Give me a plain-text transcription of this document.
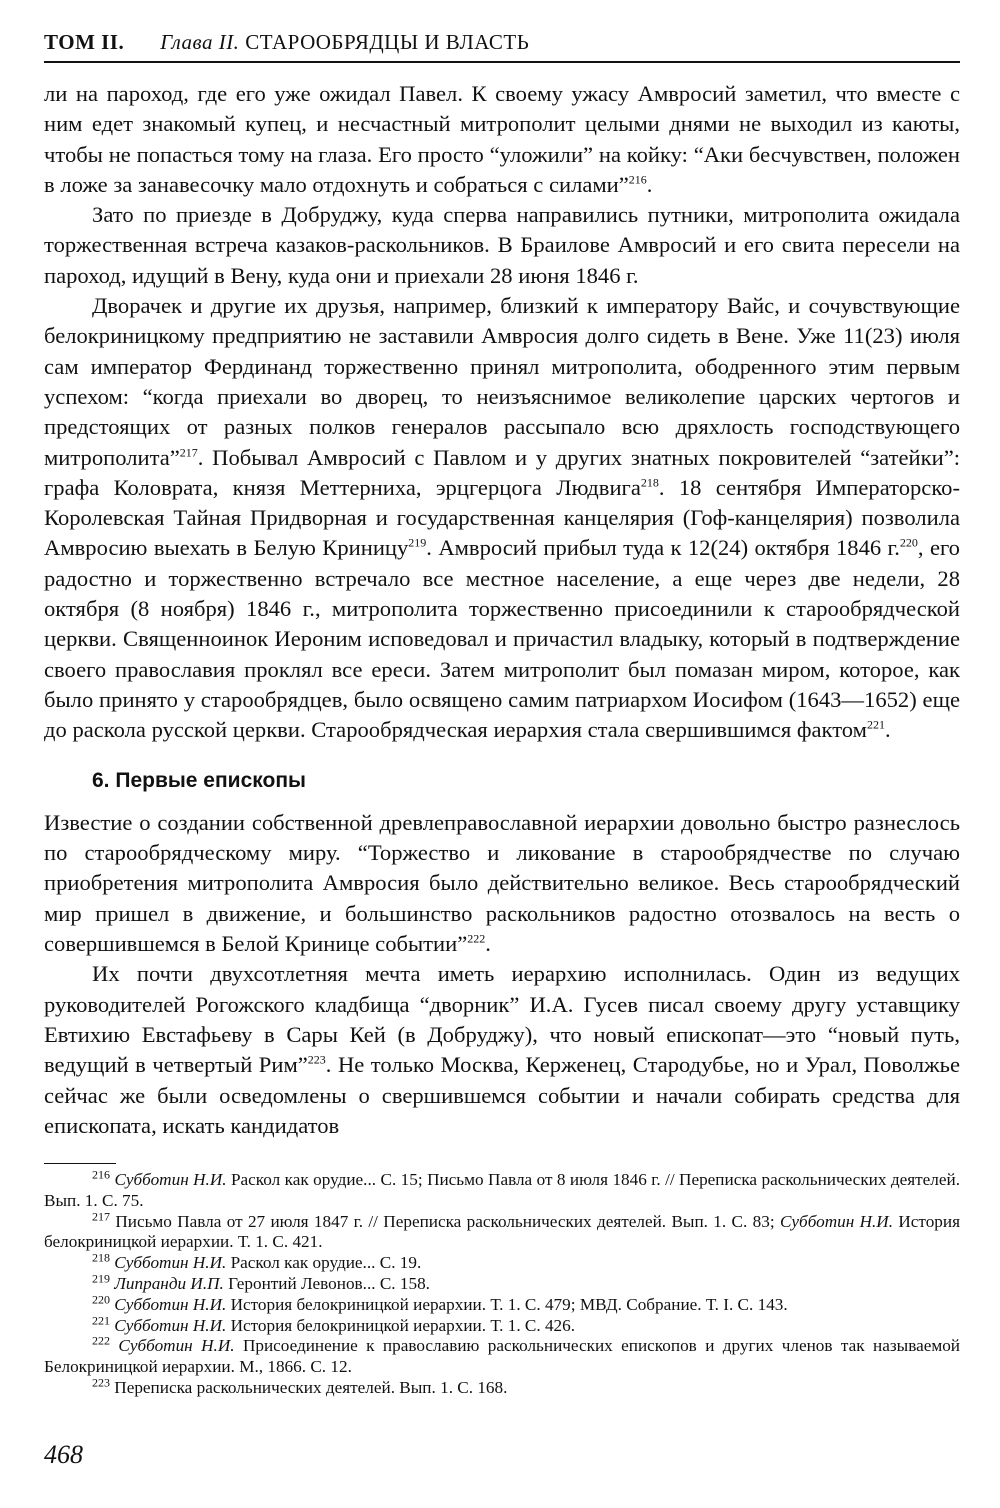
ТОМ II. Глава II. СТАРООБРЯДЦЫ И ВЛАСТЬ

ли на пароход, где его уже ожидал Павел. К своему ужасу Амвросий заметил, что вместе с ним едет знакомый купец, и несчастный митрополит целыми днями не выходил из каюты, чтобы не попасться тому на глаза. Его просто “уложили” на койку: “Аки бесчувствен, положен в ложе за занавесочку мало отдохнуть и собраться с силами”$^{216}$.

Зато по приезде в Добруджу, куда сперва направились путники, митрополита ожидала торжественная встреча казаков-раскольников. В Браилове Амвросий и его свита пересели на пароход, идущий в Вену, куда они и приехали 28 июня 1846 г.

Дворачек и другие их друзья, например, близкий к императору Вайс, и сочувствующие белокриницкому предприятию не заставили Амвросия долго сидеть в Вене. Уже 11(23) июля сам император Фердинанд торжественно принял митрополита, ободренного этим первым успехом: “когда приехали во дворец, то неизъяснимое великолепие царских чертогов и предстоящих от разных полков генералов рассыпало всю дряхлость господствующего митрополита”$^{217}$. Побывал Амвросий с Павлом и у других знатных покровителей “затейки”: графа Коловрата, князя Меттерниха, эрцгерцога Людвига$^{218}$. 18 сентября Императорско-Королевская Тайная Придворная и государственная канцелярия (Гоф-канцелярия) позволила Амвросию выехать в Белую Криницу$^{219}$. Амвросий прибыл туда к 12(24) октября 1846 г.$^{220}$, его радостно и торжественно встречало все местное население, а еще через две недели, 28 октября (8 ноября) 1846 г., митрополита торжественно присоединили к старообрядческой церкви. Священноинок Иероним исповедовал и причастил владыку, который в подтверждение своего православия проклял все ереси. Затем митрополит был помазан миром, которое, как было принято у старообрядцев, было освящено самим патриархом Иосифом (1643—1652) еще до раскола русской церкви. Старообрядческая иерархия стала свершившимся фактом$^{221}$.

6. Первые епископы

Известие о создании собственной древлеправославной иерархии довольно быстро разнеслось по старообрядческому миру. “Торжество и ликование в старообрядчестве по случаю приобретения митрополита Амвросия было действительно великое. Весь старообрядческий мир пришел в движение, и большинство раскольников радостно отозвалось на весть о совершившемся в Белой Кринице событии”$^{222}$.

Их почти двухсотлетняя мечта иметь иерархию исполнилась. Один из ведущих руководителей Рогожского кладбища “дворник” И.А. Гусев писал своему другу уставщику Евтихию Евстафьеву в Сары Кей (в Добруджу), что новый епископат—это “новый путь, ведущий в четвертый Рим”$^{223}$. Не только Москва, Керженец, Стародубье, но и Урал, Поволжье сейчас же были осведомлены о свершившемся событии и начали собирать средства для епископата, искать кандидатов

$^{216}$ Субботин Н.И. Раскол как орудие... С. 15; Письмо Павла от 8 июля 1846 г. // Переписка раскольнических деятелей. Вып. 1. С. 75.

$^{217}$ Письмо Павла от 27 июля 1847 г. // Переписка раскольнических деятелей. Вып. 1. С. 83; Субботин Н.И. История белокриницкой иерархии. Т. 1. С. 421.

$^{218}$ Субботин Н.И. Раскол как орудие... С. 19.

$^{219}$ Липранди И.П. Геронтий Левонов... С. 158.

$^{220}$ Субботин Н.И. История белокриницкой иерархии. Т. 1. С. 479; МВД. Собрание. Т. I. С. 143.

$^{221}$ Субботин Н.И. История белокриницкой иерархии. Т. 1. С. 426.

$^{222}$ Субботин Н.И. Присоединение к православию раскольнических епископов и других членов так называемой Белокриницкой иерархии. М., 1866. С. 12.

$^{223}$ Переписка раскольнических деятелей. Вып. 1. С. 168.

468
